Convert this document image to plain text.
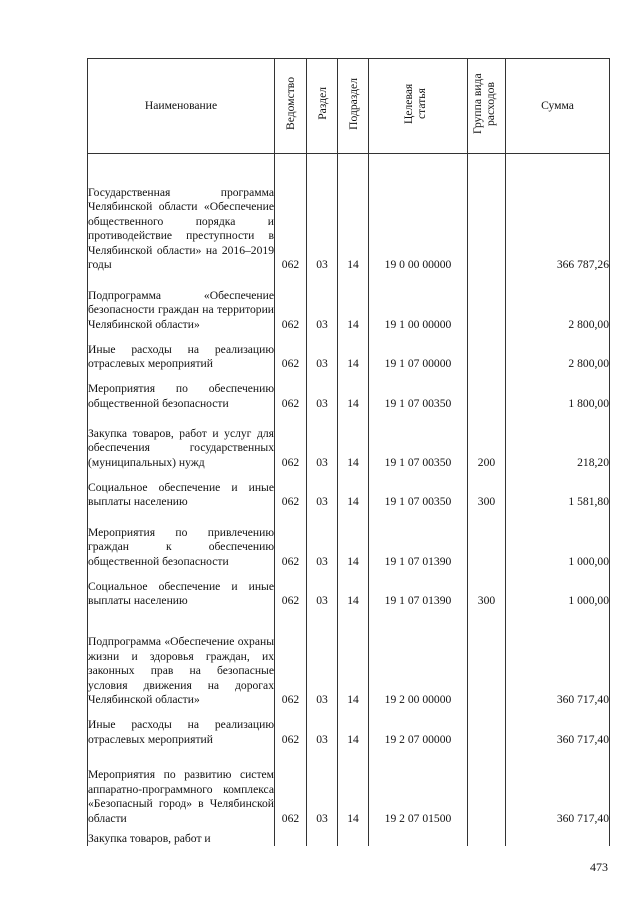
Наименование	Ведомство	Раздел	Подраздел	Целевая статья	Группа вида расходов	Сумма
Государственная программа Челябинской области «Обеспечение общественного порядка и противодействие преступности в Челябинской области» на 2016–2019 годы	062	03	14	19 0 00 00000		366 787,26
Подпрограмма «Обеспечение безопасности граждан на территории Челябинской области»	062	03	14	19 1 00 00000		2 800,00
Иные расходы на реализацию отраслевых мероприятий	062	03	14	19 1 07 00000		2 800,00
Мероприятия по обеспечению общественной безопасности	062	03	14	19 1 07 00350		1 800,00
Закупка товаров, работ и услуг для обеспечения государственных (муниципальных) нужд	062	03	14	19 1 07 00350	200	218,20
Социальное обеспечение и иные выплаты населению	062	03	14	19 1 07 00350	300	1 581,80
Мероприятия по привлечению граждан к обеспечению общественной безопасности	062	03	14	19 1 07 01390		1 000,00
Социальное обеспечение и иные выплаты населению	062	03	14	19 1 07 01390	300	1 000,00
Подпрограмма «Обеспечение охраны жизни и здоровья граждан, их законных прав на безопасные условия движения на дорогах Челябинской области»	062	03	14	19 2 00 00000		360 717,40
Иные расходы на реализацию отраслевых мероприятий	062	03	14	19 2 07 00000		360 717,40
Мероприятия по развитию систем аппаратно-программного комплекса «Безопасный город» в Челябинской области	062	03	14	19 2 07 01500		360 717,40
Закупка товаров, работ и						
473
